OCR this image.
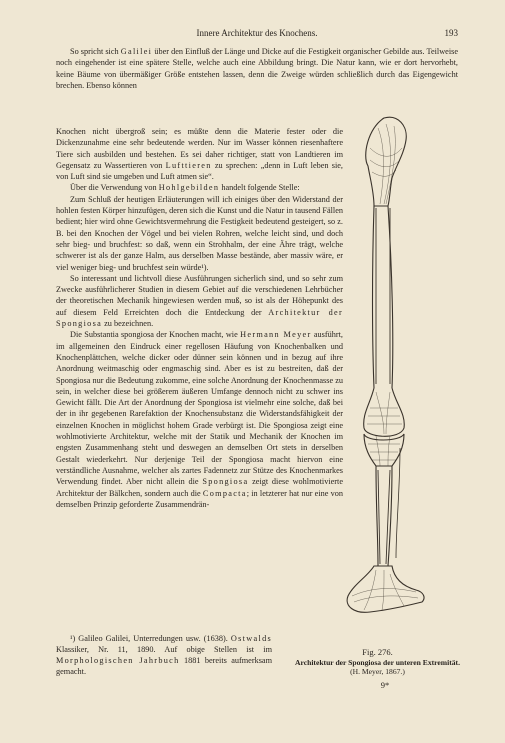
Innere Architektur des Knochens.	193

So spricht sich Galilei über den Einfluß der Länge und Dicke auf die Festigkeit organischer Gebilde aus. Teilweise noch eingehender ist eine spätere Stelle, welche auch eine Abbildung bringt. Die Natur kann, wie er dort hervorhebt, keine Bäume von übermäßiger Größe entstehen lassen, denn die Zweige würden schließlich durch das Eigengewicht brechen. Ebenso können

Knochen nicht übergroß sein; es müßte denn die Materie fester oder die Dickenzunahme eine sehr bedeutende werden. Nur im Wasser können riesenhaftere Tiere sich ausbilden und bestehen. Es sei daher richtiger, statt von Landtieren im Gegensatz zu Wassertieren von Lufttieren zu sprechen: „denn in Luft leben sie, von Luft sind sie umgeben und Luft atmen sie“.

Über die Verwendung von Hohlgebilden handelt folgende Stelle:

Zum Schluß der heutigen Erläuterungen will ich einiges über den Widerstand der hohlen festen Körper hinzufügen, deren sich die Kunst und die Natur in tausend Fällen bedient; hier wird ohne Gewichtsvermehrung die Festigkeit bedeutend gesteigert, so z. B. bei den Knochen der Vögel und bei vielen Rohren, welche leicht sind, und doch sehr bieg- und bruchfest: so daß, wenn ein Strohhalm, der eine Ähre trägt, welche schwerer ist als der ganze Halm, aus derselben Masse bestände, aber massiv wäre, er viel weniger bieg- und bruchfest sein würde¹).

So interessant und lichtvoll diese Ausführungen sicherlich sind, und so sehr zum Zwecke ausführlicherer Studien in diesem Gebiet auf die verschiedenen Lehrbücher der theoretischen Mechanik hingewiesen werden muß, so ist als der Höhepunkt des auf diesem Feld Erreichten doch die Entdeckung der Architektur der Spongiosa zu bezeichnen.

Die Substantia spongiosa der Knochen macht, wie Hermann Meyer ausführt, im allgemeinen den Eindruck einer regellosen Häufung von Knochenbalken und Knochenplättchen, welche dicker oder dünner sein können und in bezug auf ihre Anordnung weitmaschig oder engmaschig sind. Aber es ist zu bestreiten, daß der Spongiosa nur die Bedeutung zukomme, eine solche Anordnung der Knochenmasse zu sein, in welcher diese bei größerem äußeren Umfange dennoch nicht zu schwer ins Gewicht fällt. Die Art der Anordnung der Spongiosa ist vielmehr eine solche, daß bei der in ihr gegebenen Rarefaktion der Knochensubstanz die Widerstandsfähigkeit der einzelnen Knochen in möglichst hohem Grade verbürgt ist. Die Spongiosa zeigt eine wohlmotivierte Architektur, welche mit der Statik und Mechanik der Knochen im engsten Zusammenhang steht und deswegen an demselben Ort stets in derselben Gestalt wiederkehrt. Nur derjenige Teil der Spongiosa macht hiervon eine verständliche Ausnahme, welcher als zartes Fadennetz zur Stütze des Knochenmarkes Verwendung findet. Aber nicht allein die Spongiosa zeigt diese wohlmotivierte Architektur der Bälkchen, sondern auch die Compacta; in letzterer hat nur eine von demselben Prinzip geforderte Zusammendrän-

¹) Galileo Galilei, Unterredungen usw. (1638). Ostwalds Klassiker, Nr. 11, 1890. Auf obige Stellen ist im Morphologischen Jahrbuch 1881 bereits aufmerksam gemacht.

Fig. 276.
Architektur der Spongiosa der unteren Extremität. (H. Meyer, 1867.)
9*
